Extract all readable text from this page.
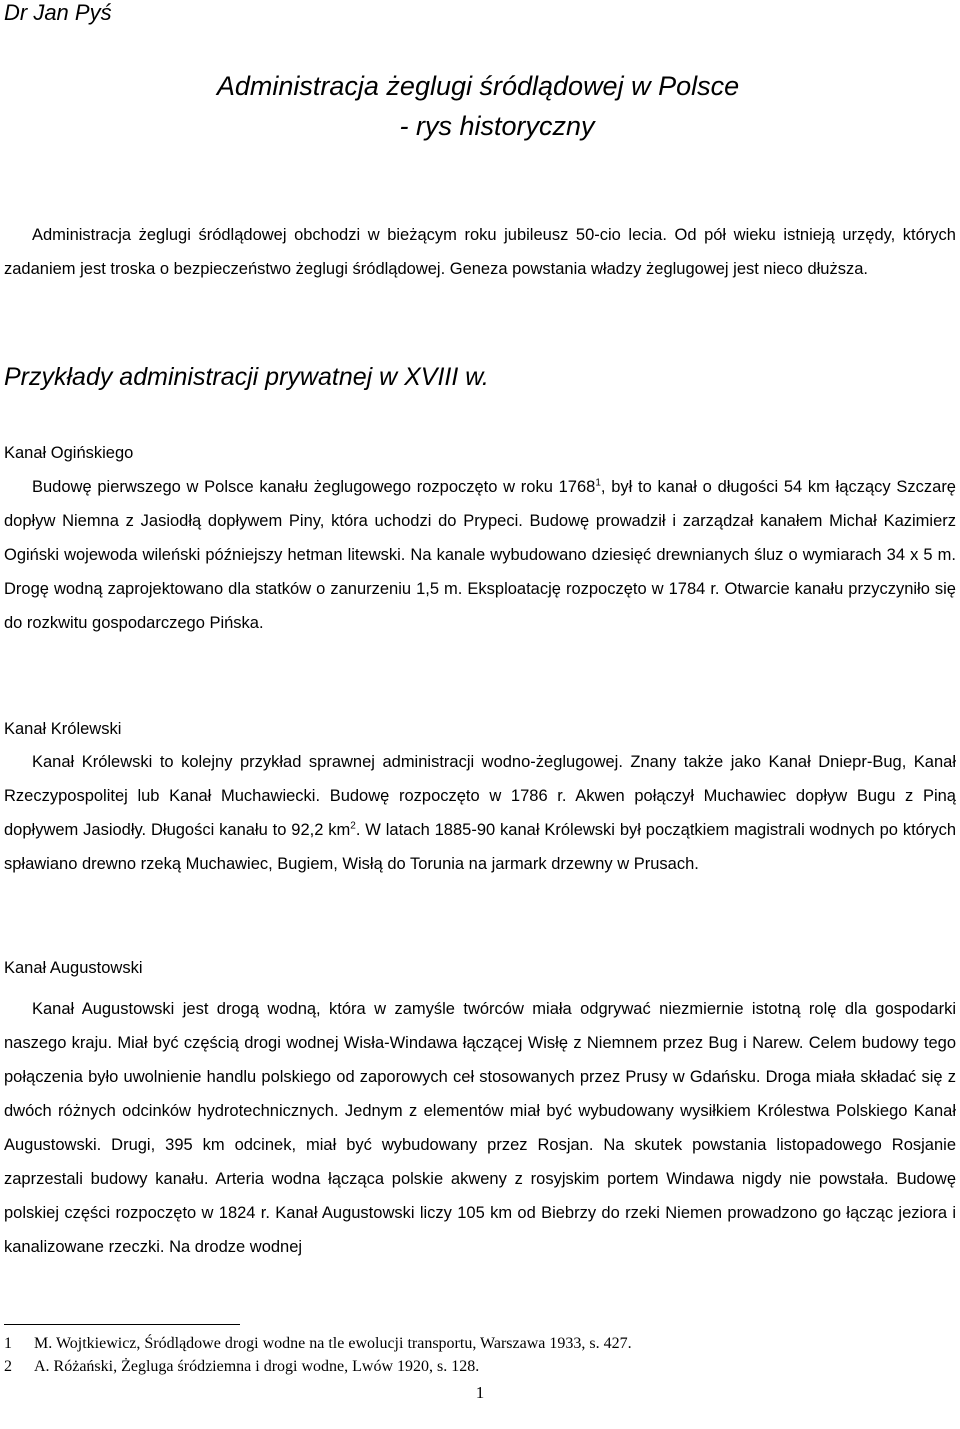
Dr Jan Pyś
Administracja żeglugi śródlądowej w Polsce
- rys historyczny

Administracja żeglugi śródlądowej obchodzi w bieżącym roku jubileusz 50-cio lecia. Od pół wieku istnieją urzędy, których zadaniem jest troska o bezpieczeństwo żeglugi śródlądowej. Geneza powstania władzy żeglugowej jest nieco dłuższa.

Przykłady administracji prywatnej w XVIII w.
Kanał Ogińskiego

Budowę pierwszego w Polsce kanału żeglugowego rozpoczęto w roku 1768$^1$, był to kanał o długości 54 km łączący Szczarę dopływ Niemna z Jasiodłą dopływem Piny, która uchodzi do Prypeci. Budowę prowadził i zarządzał kanałem Michał Kazimierz Ogiński wojewoda wileński późniejszy hetman litewski. Na kanale wybudowano dziesięć drewnianych śluz o wymiarach 34 x 5 m. Drogę wodną zaprojektowano dla statków o zanurzeniu 1,5 m. Eksploatację rozpoczęto w 1784 r. Otwarcie kanału przyczyniło się do rozkwitu gospodarczego Pińska.

Kanał Królewski

Kanał Królewski to kolejny przykład sprawnej administracji wodno-żeglugowej. Znany także jako Kanał Dniepr-Bug, Kanał Rzeczypospolitej lub Kanał Muchawiecki. Budowę rozpoczęto w 1786 r. Akwen połączył Muchawiec dopływ Bugu z Piną dopływem Jasiodły. Długości kanału to 92,2 $km^2$. W latach 1885-90 kanał Królewski był początkiem magistrali wodnych po których spławiano drewno rzeką Muchawiec, Bugiem, Wisłą do Torunia na jarmark drzewny w Prusach.

Kanał Augustowski

Kanał Augustowski jest drogą wodną, która w zamyśle twórców miała odgrywać niezmiernie istotną rolę dla gospodarki naszego kraju. Miał być częścią drogi wodnej Wisła-Windawa łączącej Wisłę z Niemnem przez Bug i Narew. Celem budowy tego połączenia było uwolnienie handlu polskiego od zaporowych ceł stosowanych przez Prusy w Gdańsku. Droga miała składać się z dwóch różnych odcinków hydrotechnicznych. Jednym z elementów miał być wybudowany wysiłkiem Królestwa Polskiego Kanał Augustowski. Drugi, 395 km odcinek, miał być wybudowany przez Rosjan. Na skutek powstania listopadowego Rosjanie zaprzestali budowy kanału. Arteria wodna łącząca polskie akweny z rosyjskim portem Windawa nigdy nie powstała. Budowę polskiej części rozpoczęto w 1824 r. Kanał Augustowski liczy 105 km od Biebrzy do rzeki Niemen prowadzono go łącząc jeziora i kanalizowane rzeczki. Na drodze wodnej

1 M. Wojtkiewicz, Śródlądowe drogi wodne na tle ewolucji transportu, Warszawa 1933, s. 427.
2 A. Różański, Żegluga śródziemna i drogi wodne, Lwów 1920, s. 128.
1
